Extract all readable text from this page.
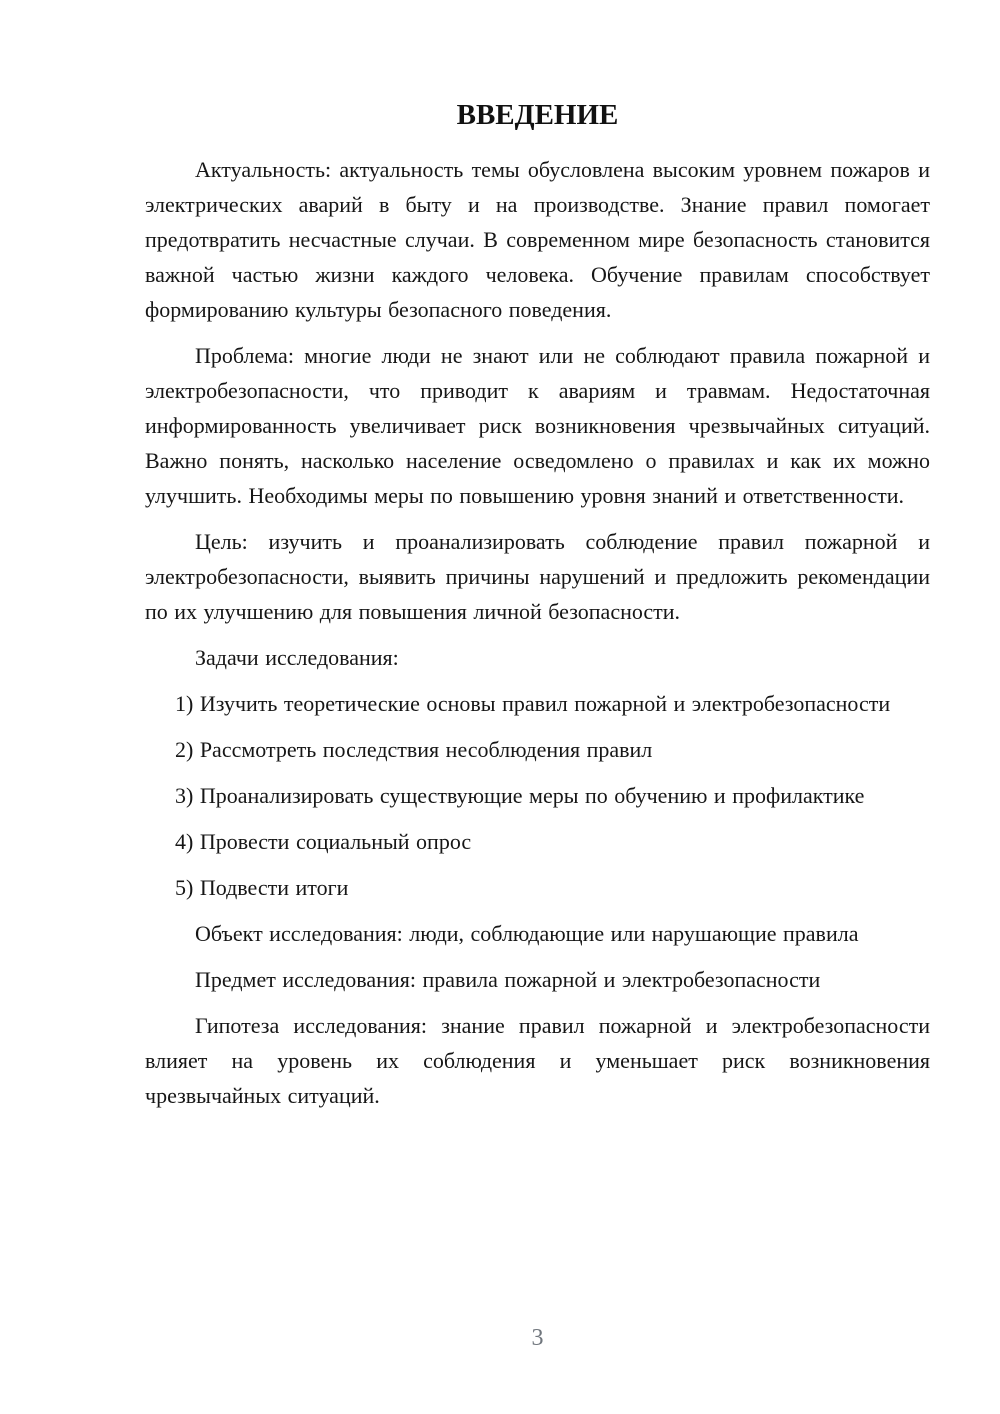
ВВЕДЕНИЕ

Актуальность: актуальность темы обусловлена высоким уровнем пожаров и электрических аварий в быту и на производстве. Знание правил помогает предотвратить несчастные случаи. В современном мире безопасность становится важной частью жизни каждого человека. Обучение правилам способствует формированию культуры безопасного поведения.

Проблема: многие люди не знают или не соблюдают правила пожарной и электробезопасности, что приводит к авариям и травмам. Недостаточная информированность увеличивает риск возникновения чрезвычайных ситуаций. Важно понять, насколько население осведомлено о правилах и как их можно улучшить. Необходимы меры по повышению уровня знаний и ответственности.

Цель: изучить и проанализировать соблюдение правил пожарной и электробезопасности, выявить причины нарушений и предложить рекомендации по их улучшению для повышения личной безопасности.

Задачи исследования:

1) Изучить теоретические основы правил пожарной и электробезопасности

2) Рассмотреть последствия несоблюдения правил

3) Проанализировать существующие меры по обучению и профилактике

4) Провести социальный опрос

5) Подвести итоги

Объект исследования: люди, соблюдающие или нарушающие правила

Предмет исследования: правила пожарной и электробезопасности

Гипотеза исследования: знание правил пожарной и электробезопасности влияет на уровень их соблюдения и уменьшает риск возникновения чрезвычайных ситуаций.

3
